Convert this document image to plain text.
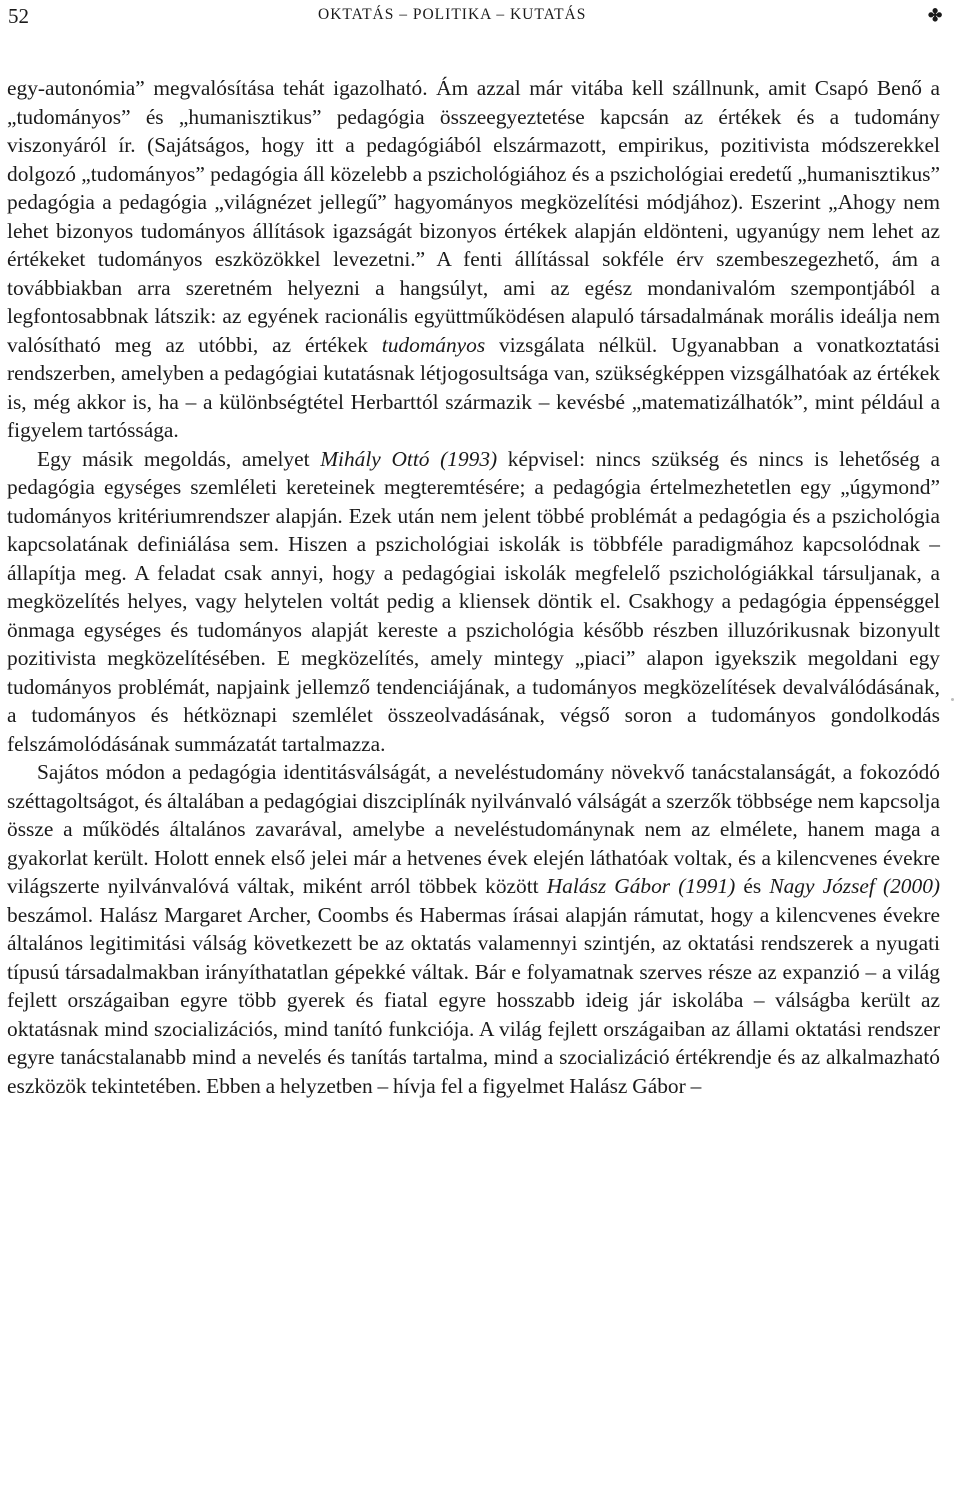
52	OKTATÁS – POLITIKA – KUTATÁS	✤

egy-autonómia” megvalósítása tehát igazolható. Ám azzal már vitába kell szállnunk, amit Csapó Benő a „tudományos” és „humanisztikus” pedagógia összeegyeztetése kapcsán az értékek és a tudomány viszonyáról ír. (Sajátságos, hogy itt a pedagógiából elszármazott, empirikus, pozitivista módszerekkel dolgozó „tudományos” pedagógia áll közelebb a pszichológiához és a pszichológiai eredetű „humanisztikus” pedagógia a pedagógia „világnézet jellegű” hagyományos megközelítési módjához). Eszerint „Ahogy nem lehet bizonyos tudományos állítások igazságát bizonyos értékek alapján eldönteni, ugyanúgy nem lehet az értékeket tudományos eszközökkel levezetni.” A fenti állítással sokféle érv szembeszegezhető, ám a továbbiakban arra szeretném helyezni a hangsúlyt, ami az egész mondanivalóm szempontjából a legfontosabbnak látszik: az egyének racionális együttműködésen alapuló társadalmának morális ideálja nem valósítható meg az utóbbi, az értékek tudományos vizsgálata nélkül. Ugyanabban a vonatkoztatási rendszerben, amelyben a pedagógiai kutatásnak létjogosultsága van, szükségképpen vizsgálhatóak az értékek is, még akkor is, ha – a különbségtétel Herbarttól származik – kevésbé „matematizálhatók”, mint például a figyelem tartóssága.

Egy másik megoldás, amelyet Mihály Ottó (1993) képvisel: nincs szükség és nincs is lehetőség a pedagógia egységes szemléleti kereteinek megteremtésére; a pedagógia értelmezhetetlen egy „úgymond” tudományos kritériumrendszer alapján. Ezek után nem jelent többé problémát a pedagógia és a pszichológia kapcsolatának definiálása sem. Hiszen a pszichológiai iskolák is többféle paradigmához kapcsolódnak – állapítja meg. A feladat csak annyi, hogy a pedagógiai iskolák megfelelő pszichológiákkal társuljanak, a megközelítés helyes, vagy helytelen voltát pedig a kliensek döntik el. Csakhogy a pedagógia éppenséggel önmaga egységes és tudományos alapját kereste a pszichológia később részben illuzórikusnak bizonyult pozitivista megközelítésében. E megközelítés, amely mintegy „piaci” alapon igyekszik megoldani egy tudományos problémát, napjaink jellemző tendenciájának, a tudományos megközelítések devalválódásának, a tudományos és hétköznapi szemlélet összeolvadásának, végső soron a tudományos gondolkodás felszámolódásának summázatát tartalmazza.

Sajátos módon a pedagógia identitásválságát, a neveléstudomány növekvő tanácstalanságát, a fokozódó széttagoltságot, és általában a pedagógiai diszciplínák nyilvánvaló válságát a szerzők többsége nem kapcsolja össze a működés általános zavarával, amelybe a neveléstudománynak nem az elmélete, hanem maga a gyakorlat került. Holott ennek első jelei már a hetvenes évek elején láthatóak voltak, és a kilencvenes évekre világszerte nyilvánvalóvá váltak, miként arról többek között Halász Gábor (1991) és Nagy József (2000) beszámol. Halász Margaret Archer, Coombs és Habermas írásai alapján rámutat, hogy a kilencvenes évekre általános legitimitási válság következett be az oktatás valamennyi szintjén, az oktatási rendszerek a nyugati típusú társadalmakban irányíthatatlan gépekké váltak. Bár e folyamatnak szerves része az expanzió – a világ fejlett országaiban egyre több gyerek és fiatal egyre hosszabb ideig jár iskolába – válságba került az oktatásnak mind szocializációs, mind tanító funkciója. A világ fejlett országaiban az állami oktatási rendszer egyre tanácstalanabb mind a nevelés és tanítás tartalma, mind a szocializáció értékrendje és az alkalmazható eszközök tekintetében. Ebben a helyzetben – hívja fel a figyelmet Halász Gábor –
